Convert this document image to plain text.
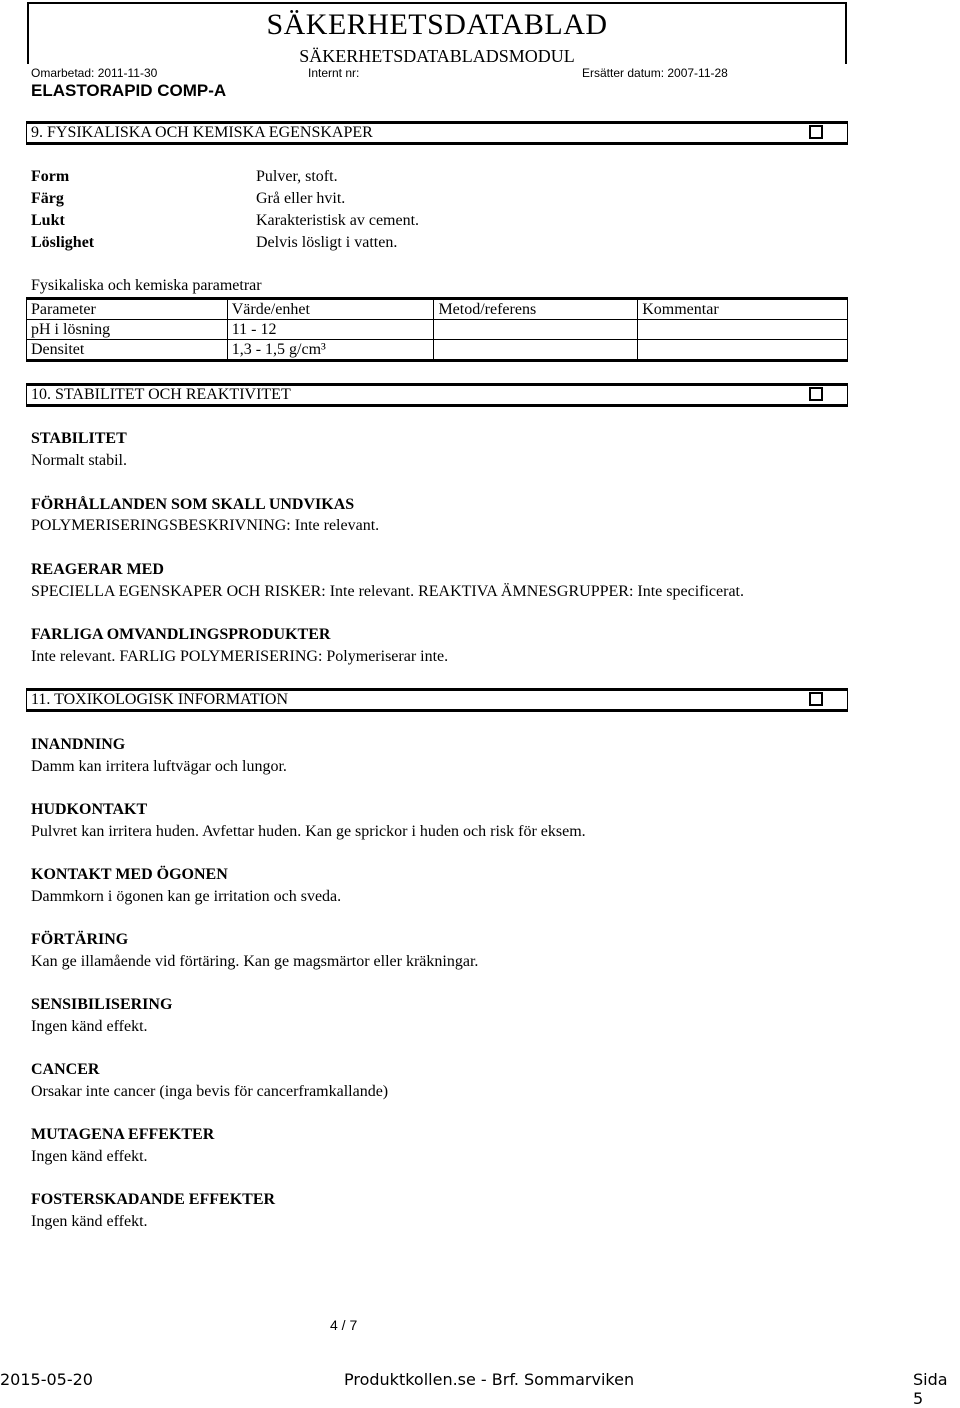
SÄKERHETSDATABLAD
SÄKERHETSDATABLADSMODUL
Omarbetad: 2011-11-30	Internt nr:	Ersätter datum: 2007-11-28
ELASTORAPID COMP-A
9. FYSIKALISKA OCH KEMISKA EGENSKAPER
Form	Pulver, stoft.
Färg	Grå eller hvit.
Lukt	Karakteristisk av cement.
Löslighet	Delvis lösligt i vatten.
Fysikaliska och kemiska parametrar
Parameter	Värde/enhet	Metod/referens	Kommentar
pH i lösning	11 - 12		
Densitet	1,3 - 1,5 g/cm³		
10. STABILITET OCH REAKTIVITET
STABILITET
Normalt stabil.
FÖRHÅLLANDEN SOM SKALL UNDVIKAS
POLYMERISERINGSBESKRIVNING: Inte relevant.
REAGERAR MED
SPECIELLA EGENSKAPER OCH RISKER: Inte relevant. REAKTIVA ÄMNESGRUPPER: Inte specificerat.
FARLIGA OMVANDLINGSPRODUKTER
Inte relevant. FARLIG POLYMERISERING: Polymeriserar inte.
11. TOXIKOLOGISK INFORMATION
INANDNING
Damm kan irritera luftvägar och lungor.
HUDKONTAKT
Pulvret kan irritera huden. Avfettar huden. Kan ge sprickor i huden och risk för eksem.
KONTAKT MED ÖGONEN
Dammkorn i ögonen kan ge irritation och sveda.
FÖRTÄRING
Kan ge illamående vid förtäring. Kan ge magsmärtor eller kräkningar.
SENSIBILISERING
Ingen känd effekt.
CANCER
Orsakar inte cancer (inga bevis för cancerframkallande)
MUTAGENA EFFEKTER
Ingen känd effekt.
FOSTERSKADANDE EFFEKTER
Ingen känd effekt.
4 / 7
2015-05-20	Produktkollen.se - Brf. Sommarviken	Sida 5
